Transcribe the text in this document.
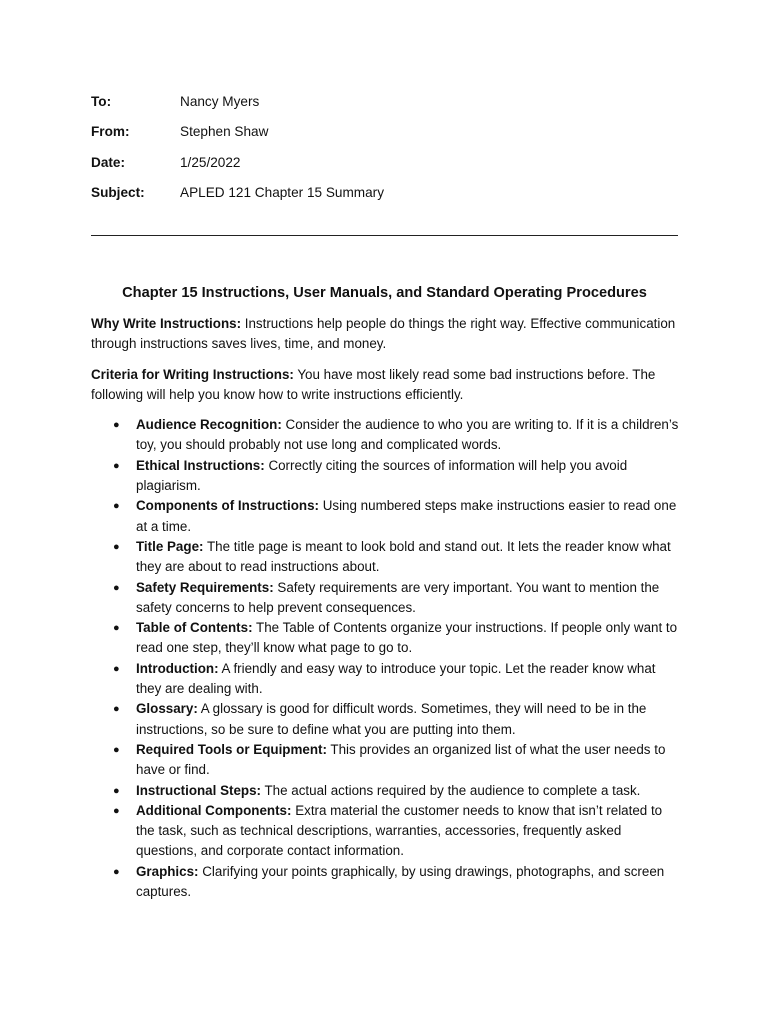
To:	Nancy Myers
From:	Stephen Shaw
Date:	1/25/2022
Subject:	APLED 121 Chapter 15 Summary
Chapter 15 Instructions, User Manuals, and Standard Operating Procedures

Why Write Instructions: Instructions help people do things the right way. Effective communication through instructions saves lives, time, and money.

Criteria for Writing Instructions: You have most likely read some bad instructions before. The following will help you know how to write instructions efficiently.

● Audience Recognition: Consider the audience to who you are writing to. If it is a children’s toy, you should probably not use long and complicated words.
● Ethical Instructions: Correctly citing the sources of information will help you avoid plagiarism.
● Components of Instructions: Using numbered steps make instructions easier to read one at a time.
● Title Page: The title page is meant to look bold and stand out. It lets the reader know what they are about to read instructions about.
● Safety Requirements: Safety requirements are very important. You want to mention the safety concerns to help prevent consequences.
● Table of Contents: The Table of Contents organize your instructions. If people only want to read one step, they’ll know what page to go to.
● Introduction: A friendly and easy way to introduce your topic. Let the reader know what they are dealing with.
● Glossary: A glossary is good for difficult words. Sometimes, they will need to be in the instructions, so be sure to define what you are putting into them.
● Required Tools or Equipment: This provides an organized list of what the user needs to have or find.
● Instructional Steps: The actual actions required by the audience to complete a task.
● Additional Components: Extra material the customer needs to know that isn’t related to the task, such as technical descriptions, warranties, accessories, frequently asked questions, and corporate contact information.
● Graphics: Clarifying your points graphically, by using drawings, photographs, and screen captures.
